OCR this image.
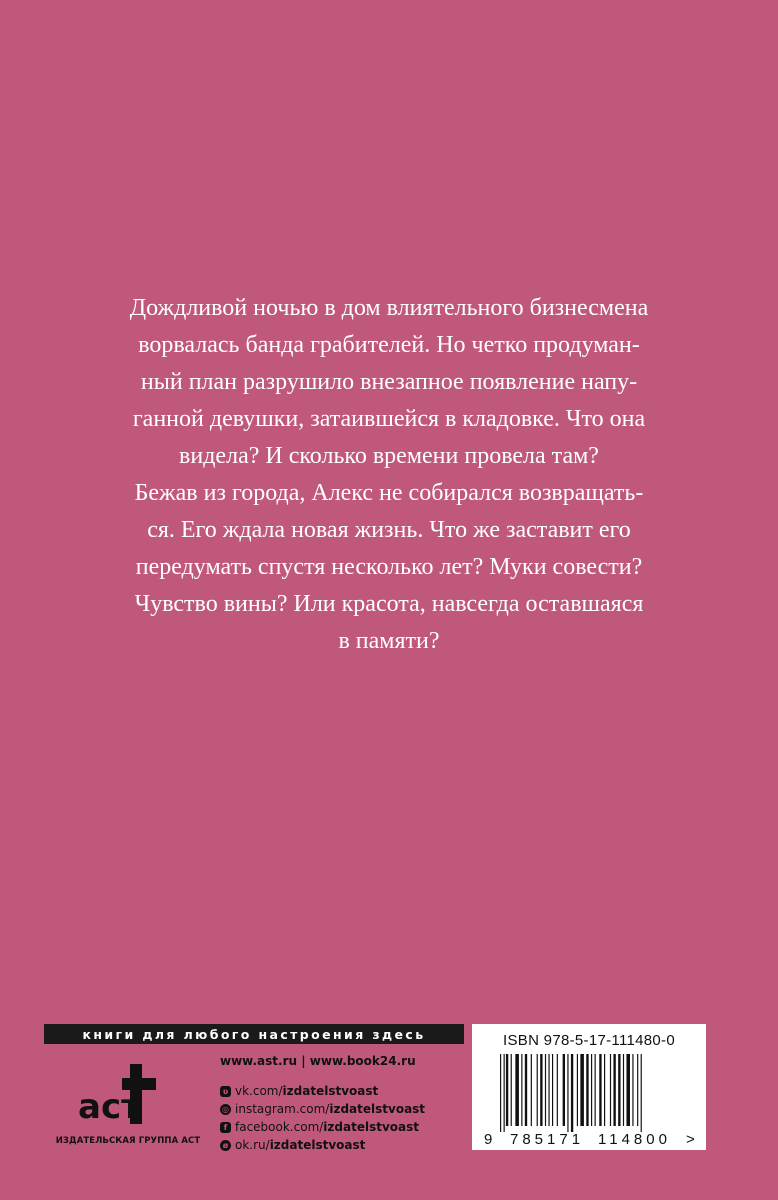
Дождливой ночью в дом влиятельного бизнесмена
ворвалась банда грабителей. Но четко продуман-
ный план разрушило внезапное появление напу-
ганной девушки, затаившейся в кладовке. Что она
видела? И сколько времени провела там?
Бежав из города, Алекс не собирался возвращать-
ся. Его ждала новая жизнь. Что же заставит его
передумать спустя несколько лет? Муки совести?
Чувство вины? Или красота, навсегда оставшаяся
в памяти?

книги для любого настроения здесь
аст
ИЗДАТЕЛЬСКАЯ ГРУППА АСТ
www.ast.ru | www.book24.ru
ʋ vk.com/ izdatelstvoast
◎ instagram.com/ izdatelstvoast
f facebook.com/ izdatelstvoast
ø ok.ru/ izdatelstvoast
ISBN 978-5-17-111480-0
9 785171 114800 >
